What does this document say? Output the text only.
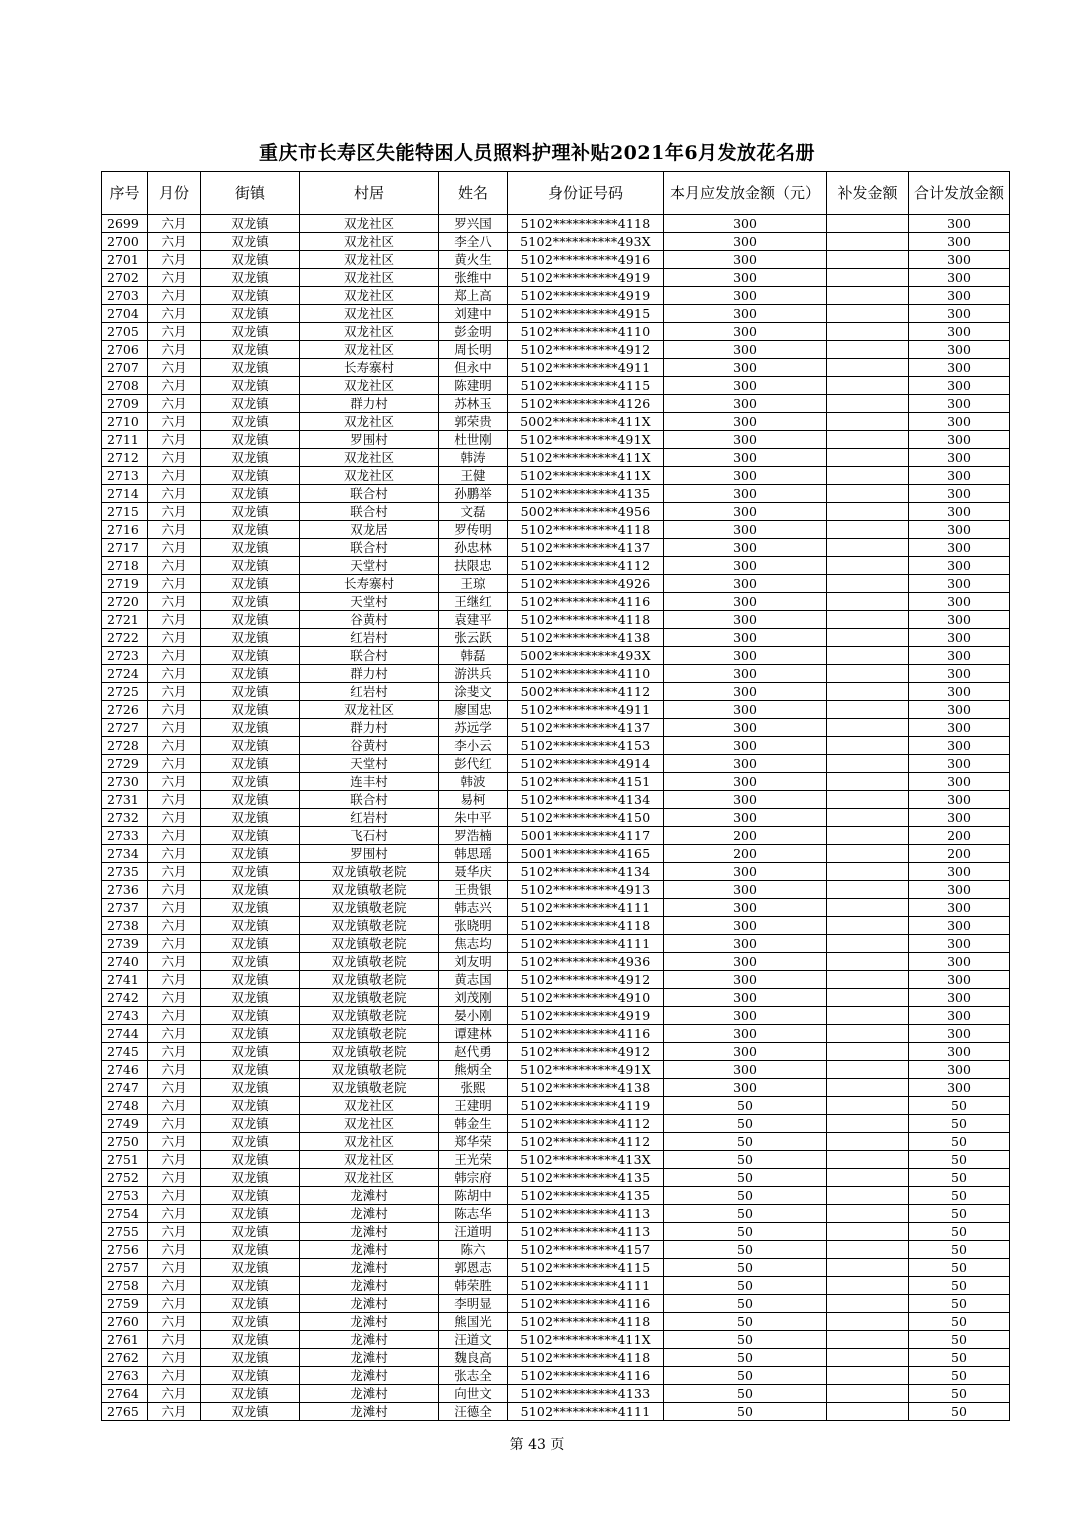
重庆市长寿区失能特困人员照料护理补贴2021年6月发放花名册
序号	月份	街镇	村居	姓名	身份证号码	本月应发放金额（元）	补发金额	合计发放金额
2699	六月	双龙镇	双龙社区	罗兴国	5102**********4118	300		300
2700	六月	双龙镇	双龙社区	李全八	5102**********493X	300		300
2701	六月	双龙镇	双龙社区	黄火生	5102**********4916	300		300
2702	六月	双龙镇	双龙社区	张维中	5102**********4919	300		300
2703	六月	双龙镇	双龙社区	郑上高	5102**********4919	300		300
2704	六月	双龙镇	双龙社区	刘建中	5102**********4915	300		300
2705	六月	双龙镇	双龙社区	彭金明	5102**********4110	300		300
2706	六月	双龙镇	双龙社区	周长明	5102**********4912	300		300
2707	六月	双龙镇	长寿寨村	但永中	5102**********4911	300		300
2708	六月	双龙镇	双龙社区	陈建明	5102**********4115	300		300
2709	六月	双龙镇	群力村	苏林玉	5102**********4126	300		300
2710	六月	双龙镇	双龙社区	郭荣贵	5002**********411X	300		300
2711	六月	双龙镇	罗围村	杜世刚	5102**********491X	300		300
2712	六月	双龙镇	双龙社区	韩涛	5102**********411X	300		300
2713	六月	双龙镇	双龙社区	王健	5102**********411X	300		300
2714	六月	双龙镇	联合村	孙鹏举	5102**********4135	300		300
2715	六月	双龙镇	联合村	文磊	5002**********4956	300		300
2716	六月	双龙镇	双龙居	罗传明	5102**********4118	300		300
2717	六月	双龙镇	联合村	孙忠林	5102**********4137	300		300
2718	六月	双龙镇	天堂村	扶限忠	5102**********4112	300		300
2719	六月	双龙镇	长寿寨村	王琼	5102**********4926	300		300
2720	六月	双龙镇	天堂村	王继红	5102**********4116	300		300
2721	六月	双龙镇	谷黄村	袁建平	5102**********4118	300		300
2722	六月	双龙镇	红岩村	张云跃	5102**********4138	300		300
2723	六月	双龙镇	联合村	韩磊	5002**********493X	300		300
2724	六月	双龙镇	群力村	游洪兵	5102**********4110	300		300
2725	六月	双龙镇	红岩村	涂斐文	5002**********4112	300		300
2726	六月	双龙镇	双龙社区	廖国忠	5102**********4911	300		300
2727	六月	双龙镇	群力村	苏远学	5102**********4137	300		300
2728	六月	双龙镇	谷黄村	李小云	5102**********4153	300		300
2729	六月	双龙镇	天堂村	彭代红	5102**********4914	300		300
2730	六月	双龙镇	连丰村	韩波	5102**********4151	300		300
2731	六月	双龙镇	联合村	易柯	5102**********4134	300		300
2732	六月	双龙镇	红岩村	朱中平	5102**********4150	300		300
2733	六月	双龙镇	飞石村	罗浩楠	5001**********4117	200		200
2734	六月	双龙镇	罗围村	韩思瑶	5001**********4165	200		200
2735	六月	双龙镇	双龙镇敬老院	聂华庆	5102**********4134	300		300
2736	六月	双龙镇	双龙镇敬老院	王贵银	5102**********4913	300		300
2737	六月	双龙镇	双龙镇敬老院	韩志兴	5102**********4111	300		300
2738	六月	双龙镇	双龙镇敬老院	张晓明	5102**********4118	300		300
2739	六月	双龙镇	双龙镇敬老院	焦志均	5102**********4111	300		300
2740	六月	双龙镇	双龙镇敬老院	刘友明	5102**********4936	300		300
2741	六月	双龙镇	双龙镇敬老院	黄志国	5102**********4912	300		300
2742	六月	双龙镇	双龙镇敬老院	刘茂刚	5102**********4910	300		300
2743	六月	双龙镇	双龙镇敬老院	晏小刚	5102**********4919	300		300
2744	六月	双龙镇	双龙镇敬老院	谭建林	5102**********4116	300		300
2745	六月	双龙镇	双龙镇敬老院	赵代勇	5102**********4912	300		300
2746	六月	双龙镇	双龙镇敬老院	熊炳全	5102**********491X	300		300
2747	六月	双龙镇	双龙镇敬老院	张熙	5102**********4138	300		300
2748	六月	双龙镇	双龙社区	王建明	5102**********4119	50		50
2749	六月	双龙镇	双龙社区	韩金生	5102**********4112	50		50
2750	六月	双龙镇	双龙社区	郑华荣	5102**********4112	50		50
2751	六月	双龙镇	双龙社区	王光荣	5102**********413X	50		50
2752	六月	双龙镇	双龙社区	韩宗府	5102**********4135	50		50
2753	六月	双龙镇	龙滩村	陈胡中	5102**********4135	50		50
2754	六月	双龙镇	龙滩村	陈志华	5102**********4113	50		50
2755	六月	双龙镇	龙滩村	汪道明	5102**********4113	50		50
2756	六月	双龙镇	龙滩村	陈六	5102**********4157	50		50
2757	六月	双龙镇	龙滩村	郭恩志	5102**********4115	50		50
2758	六月	双龙镇	龙滩村	韩荣胜	5102**********4111	50		50
2759	六月	双龙镇	龙滩村	李明显	5102**********4116	50		50
2760	六月	双龙镇	龙滩村	熊国光	5102**********4118	50		50
2761	六月	双龙镇	龙滩村	汪道文	5102**********411X	50		50
2762	六月	双龙镇	龙滩村	魏良高	5102**********4118	50		50
2763	六月	双龙镇	龙滩村	张志全	5102**********4116	50		50
2764	六月	双龙镇	龙滩村	向世文	5102**********4133	50		50
2765	六月	双龙镇	龙滩村	汪德全	5102**********4111	50		50
第 43 页
